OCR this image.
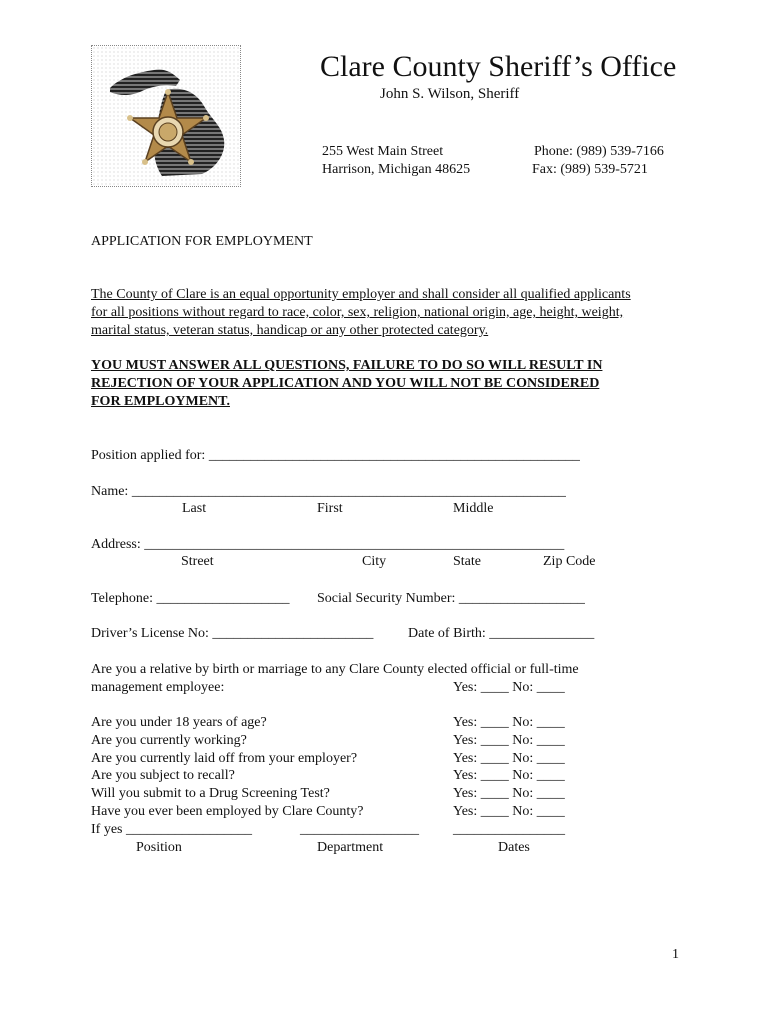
Clare County Sheriff’s Office
John S. Wilson, Sheriff
255 West Main Street
Harrison, Michigan 48625
Phone: (989) 539-7166
Fax: (989) 539-5721
APPLICATION FOR EMPLOYMENT
The County of Clare is an equal opportunity employer and shall consider all qualified applicants
for all positions without regard to race, color, sex, religion, national origin, age, height, weight,
marital status, veteran status, handicap or any other protected category.
YOU MUST ANSWER ALL QUESTIONS, FAILURE TO DO SO WILL RESULT IN
REJECTION OF YOUR APPLICATION AND YOU WILL NOT BE CONSIDERED
FOR EMPLOYMENT.
Position applied for: _____________________________________________________
Name: ______________________________________________________________
Last	First	Middle
Address: ____________________________________________________________
Street	City	State	Zip Code
Telephone: ___________________ Social Security Number: __________________
Driver’s License No: _______________________ Date of Birth: _______________
Are you a relative by birth or marriage to any Clare County elected official or full-time
management employee:	Yes: ____ No: ____
Are you under 18 years of age?	Yes: ____ No: ____
Are you currently working?	Yes: ____ No: ____
Are you currently laid off from your employer?	Yes: ____ No: ____
Are you subject to recall?	Yes: ____ No: ____
Will you submit to a Drug Screening Test?	Yes: ____ No: ____
Have you ever been employed by Clare County?	Yes: ____ No: ____
If yes __________________	_________________ ________________
Position	Department	Dates
1
